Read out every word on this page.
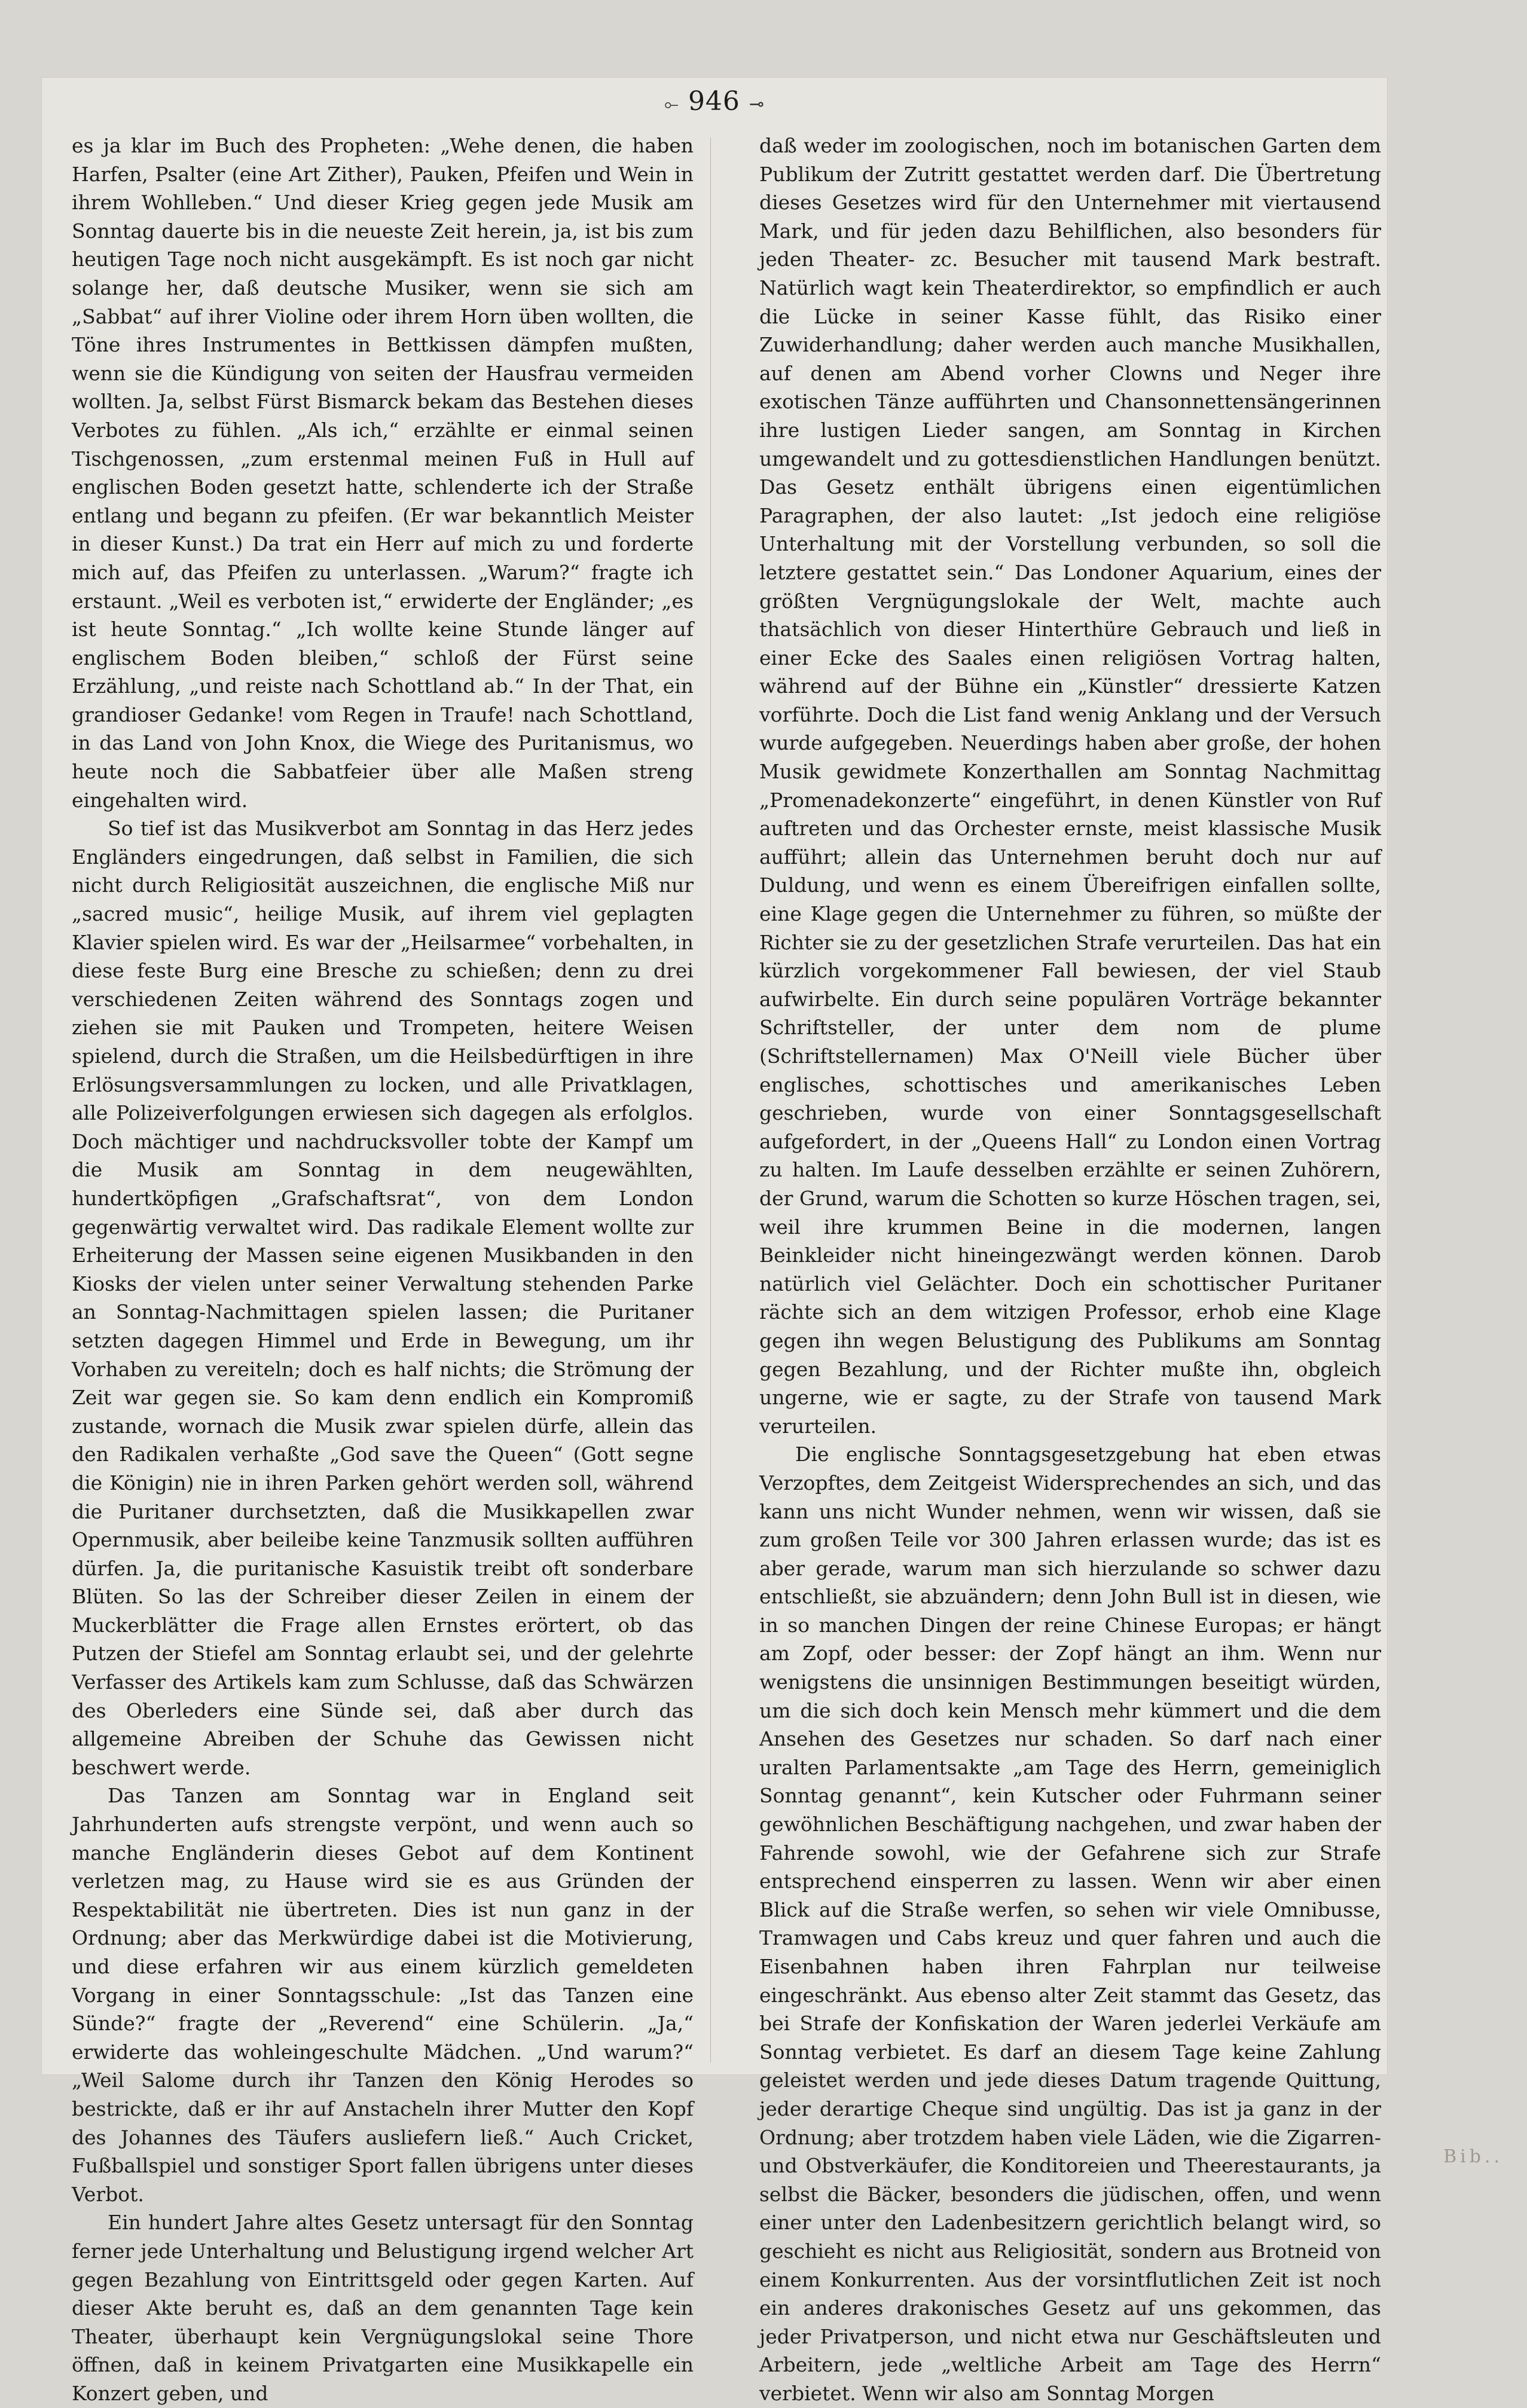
⟜ 946 ⊸

es ja klar im Buch des Propheten: „Wehe denen, die haben Harfen, Psalter (eine Art Zither), Pauken, Pfeifen und Wein in ihrem Wohlleben.“ Und dieser Krieg gegen jede Musik am Sonntag dauerte bis in die neueste Zeit herein, ja, ist bis zum heutigen Tage noch nicht ausgekämpft. Es ist noch gar nicht solange her, daß deutsche Musiker, wenn sie sich am „Sabbat“ auf ihrer Violine oder ihrem Horn üben wollten, die Töne ihres Instrumentes in Bettkissen dämpfen mußten, wenn sie die Kündigung von seiten der Hausfrau vermeiden wollten. Ja, selbst Fürst Bismarck bekam das Bestehen dieses Verbotes zu fühlen. „Als ich,“ erzählte er einmal seinen Tischgenossen, „zum erstenmal meinen Fuß in Hull auf englischen Boden gesetzt hatte, schlenderte ich der Straße entlang und begann zu pfeifen. (Er war bekanntlich Meister in dieser Kunst.) Da trat ein Herr auf mich zu und forderte mich auf, das Pfeifen zu unterlassen. „Warum?“ fragte ich erstaunt. „Weil es verboten ist,“ erwiderte der Engländer; „es ist heute Sonntag.“ „Ich wollte keine Stunde länger auf englischem Boden bleiben,“ schloß der Fürst seine Erzählung, „und reiste nach Schottland ab.“ In der That, ein grandioser Gedanke! vom Regen in Traufe! nach Schottland, in das Land von John Knox, die Wiege des Puritanismus, wo heute noch die Sabbatfeier über alle Maßen streng eingehalten wird.

So tief ist das Musikverbot am Sonntag in das Herz jedes Engländers eingedrungen, daß selbst in Familien, die sich nicht durch Religiosität auszeichnen, die englische Miß nur „sacred music“, heilige Musik, auf ihrem viel geplagten Klavier spielen wird. Es war der „Heilsarmee“ vorbehalten, in diese feste Burg eine Bresche zu schießen; denn zu drei verschiedenen Zeiten während des Sonntags zogen und ziehen sie mit Pauken und Trompeten, heitere Weisen spielend, durch die Straßen, um die Heilsbedürftigen in ihre Erlösungsversammlungen zu locken, und alle Privatklagen, alle Polizeiverfolgungen erwiesen sich dagegen als erfolglos. Doch mächtiger und nachdrucksvoller tobte der Kampf um die Musik am Sonntag in dem neugewählten, hundertköpfigen „Grafschaftsrat“, von dem London gegenwärtig verwaltet wird. Das radikale Element wollte zur Erheiterung der Massen seine eigenen Musikbanden in den Kiosks der vielen unter seiner Verwaltung stehenden Parke an Sonntag-Nachmittagen spielen lassen; die Puritaner setzten dagegen Himmel und Erde in Bewegung, um ihr Vorhaben zu vereiteln; doch es half nichts; die Strömung der Zeit war gegen sie. So kam denn endlich ein Kompromiß zustande, wornach die Musik zwar spielen dürfe, allein das den Radikalen verhaßte „God save the Queen“ (Gott segne die Königin) nie in ihren Parken gehört werden soll, während die Puritaner durchsetzten, daß die Musikkapellen zwar Opernmusik, aber beileibe keine Tanzmusik sollten aufführen dürfen. Ja, die puritanische Kasuistik treibt oft sonderbare Blüten. So las der Schreiber dieser Zeilen in einem der Muckerblätter die Frage allen Ernstes erörtert, ob das Putzen der Stiefel am Sonntag erlaubt sei, und der gelehrte Verfasser des Artikels kam zum Schlusse, daß das Schwärzen des Oberleders eine Sünde sei, daß aber durch das allgemeine Abreiben der Schuhe das Gewissen nicht beschwert werde.

Das Tanzen am Sonntag war in England seit Jahrhunderten aufs strengste verpönt, und wenn auch so manche Engländerin dieses Gebot auf dem Kontinent verletzen mag, zu Hause wird sie es aus Gründen der Respektabilität nie übertreten. Dies ist nun ganz in der Ordnung; aber das Merkwürdige dabei ist die Motivierung, und diese erfahren wir aus einem kürzlich gemeldeten Vorgang in einer Sonntagsschule: „Ist das Tanzen eine Sünde?“ fragte der „Reverend“ eine Schülerin. „Ja,“ erwiderte das wohleingeschulte Mädchen. „Und warum?“ „Weil Salome durch ihr Tanzen den König Herodes so bestrickte, daß er ihr auf Anstacheln ihrer Mutter den Kopf des Johannes des Täufers ausliefern ließ.“ Auch Cricket, Fußballspiel und sonstiger Sport fallen übrigens unter dieses Verbot.

Ein hundert Jahre altes Gesetz untersagt für den Sonntag ferner jede Unterhaltung und Belustigung irgend welcher Art gegen Bezahlung von Eintrittsgeld oder gegen Karten. Auf dieser Akte beruht es, daß an dem genannten Tage kein Theater, überhaupt kein Vergnügungslokal seine Thore öffnen, daß in keinem Privatgarten eine Musikkapelle ein Konzert geben, und

daß weder im zoologischen, noch im botanischen Garten dem Publikum der Zutritt gestattet werden darf. Die Übertretung dieses Gesetzes wird für den Unternehmer mit viertausend Mark, und für jeden dazu Behilflichen, also besonders für jeden Theater- zc. Besucher mit tausend Mark bestraft. Natürlich wagt kein Theaterdirektor, so empfindlich er auch die Lücke in seiner Kasse fühlt, das Risiko einer Zuwiderhandlung; daher werden auch manche Musikhallen, auf denen am Abend vorher Clowns und Neger ihre exotischen Tänze aufführten und Chansonnettensängerinnen ihre lustigen Lieder sangen, am Sonntag in Kirchen umgewandelt und zu gottesdienstlichen Handlungen benützt. Das Gesetz enthält übrigens einen eigentümlichen Paragraphen, der also lautet: „Ist jedoch eine religiöse Unterhaltung mit der Vorstellung verbunden, so soll die letztere gestattet sein.“ Das Londoner Aquarium, eines der größten Vergnügungslokale der Welt, machte auch thatsächlich von dieser Hinterthüre Gebrauch und ließ in einer Ecke des Saales einen religiösen Vortrag halten, während auf der Bühne ein „Künstler“ dressierte Katzen vorführte. Doch die List fand wenig Anklang und der Versuch wurde aufgegeben. Neuerdings haben aber große, der hohen Musik gewidmete Konzerthallen am Sonntag Nachmittag „Promenadekonzerte“ eingeführt, in denen Künstler von Ruf auftreten und das Orchester ernste, meist klassische Musik aufführt; allein das Unternehmen beruht doch nur auf Duldung, und wenn es einem Übereifrigen einfallen sollte, eine Klage gegen die Unternehmer zu führen, so müßte der Richter sie zu der gesetzlichen Strafe verurteilen. Das hat ein kürzlich vorgekommener Fall bewiesen, der viel Staub aufwirbelte. Ein durch seine populären Vorträge bekannter Schriftsteller, der unter dem nom de plume (Schriftstellernamen) Max O'Neill viele Bücher über englisches, schottisches und amerikanisches Leben geschrieben, wurde von einer Sonntagsgesellschaft aufgefordert, in der „Queens Hall“ zu London einen Vortrag zu halten. Im Laufe desselben erzählte er seinen Zuhörern, der Grund, warum die Schotten so kurze Höschen tragen, sei, weil ihre krummen Beine in die modernen, langen Beinkleider nicht hineingezwängt werden können. Darob natürlich viel Gelächter. Doch ein schottischer Puritaner rächte sich an dem witzigen Professor, erhob eine Klage gegen ihn wegen Belustigung des Publikums am Sonntag gegen Bezahlung, und der Richter mußte ihn, obgleich ungerne, wie er sagte, zu der Strafe von tausend Mark verurteilen.

Die englische Sonntagsgesetzgebung hat eben etwas Verzopftes, dem Zeitgeist Widersprechendes an sich, und das kann uns nicht Wunder nehmen, wenn wir wissen, daß sie zum großen Teile vor 300 Jahren erlassen wurde; das ist es aber gerade, warum man sich hierzulande so schwer dazu entschließt, sie abzuändern; denn John Bull ist in diesen, wie in so manchen Dingen der reine Chinese Europas; er hängt am Zopf, oder besser: der Zopf hängt an ihm. Wenn nur wenigstens die unsinnigen Bestimmungen beseitigt würden, um die sich doch kein Mensch mehr kümmert und die dem Ansehen des Gesetzes nur schaden. So darf nach einer uralten Parlamentsakte „am Tage des Herrn, gemeiniglich Sonntag genannt“, kein Kutscher oder Fuhrmann seiner gewöhnlichen Beschäftigung nachgehen, und zwar haben der Fahrende sowohl, wie der Gefahrene sich zur Strafe entsprechend einsperren zu lassen. Wenn wir aber einen Blick auf die Straße werfen, so sehen wir viele Omnibusse, Tramwagen und Cabs kreuz und quer fahren und auch die Eisenbahnen haben ihren Fahrplan nur teilweise eingeschränkt. Aus ebenso alter Zeit stammt das Gesetz, das bei Strafe der Konfiskation der Waren jederlei Verkäufe am Sonntag verbietet. Es darf an diesem Tage keine Zahlung geleistet werden und jede dieses Datum tragende Quittung, jeder derartige Cheque sind ungültig. Das ist ja ganz in der Ordnung; aber trotzdem haben viele Läden, wie die Zigarren- und Obstverkäufer, die Konditoreien und Theerestaurants, ja selbst die Bäcker, besonders die jüdischen, offen, und wenn einer unter den Ladenbesitzern gerichtlich belangt wird, so geschieht es nicht aus Religiosität, sondern aus Brotneid von einem Konkurrenten. Aus der vorsintflutlichen Zeit ist noch ein anderes drakonisches Gesetz auf uns gekommen, das jeder Privatperson, und nicht etwa nur Geschäftsleuten und Arbeitern, jede „weltliche Arbeit am Tage des Herrn“ verbietet. Wenn wir also am Sonntag Morgen

Bib..
